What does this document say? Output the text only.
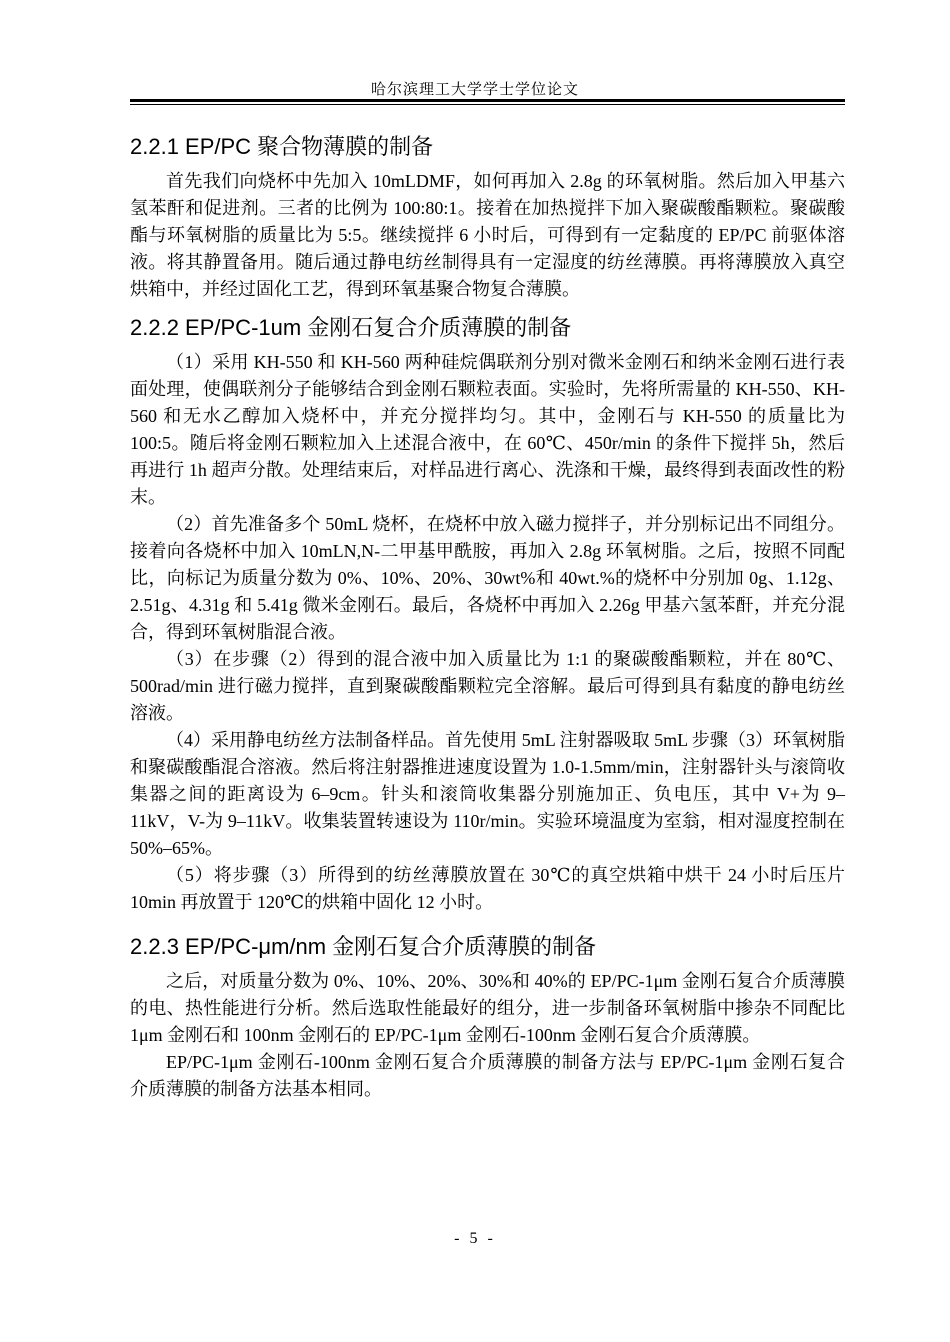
哈尔滨理工大学学士学位论文
2.2.1 EP/PC 聚合物薄膜的制备

首先我们向烧杯中先加入 10mLDMF，如何再加入 2.8g 的环氧树脂。然后加入甲基六氢苯酐和促进剂。三者的比例为 100:80:1。接着在加热搅拌下加入聚碳酸酯颗粒。聚碳酸酯与环氧树脂的质量比为 5:5。继续搅拌 6 小时后，可得到有一定黏度的 EP/PC 前驱体溶液。将其静置备用。随后通过静电纺丝制得具有一定湿度的纺丝薄膜。再将薄膜放入真空烘箱中，并经过固化工艺，得到环氧基聚合物复合薄膜。

2.2.2 EP/PC-1um 金刚石复合介质薄膜的制备

（1）采用 KH-550 和 KH-560 两种硅烷偶联剂分别对微米金刚石和纳米金刚石进行表面处理，使偶联剂分子能够结合到金刚石颗粒表面。实验时，先将所需量的 KH-550、KH-560 和无水乙醇加入烧杯中，并充分搅拌均匀。其中，金刚石与 KH-550 的质量比为 100:5。随后将金刚石颗粒加入上述混合液中，在 60℃、450r/min 的条件下搅拌 5h，然后再进行 1h 超声分散。处理结束后，对样品进行离心、洗涤和干燥，最终得到表面改性的粉末。

（2）首先准备多个 50mL 烧杯，在烧杯中放入磁力搅拌子，并分别标记出不同组分。接着向各烧杯中加入 10mLN,N-二甲基甲酰胺，再加入 2.8g 环氧树脂。之后，按照不同配比，向标记为质量分数为 0%、10%、20%、30wt%和 40wt.%的烧杯中分别加 0g、1.12g、2.51g、4.31g 和 5.41g 微米金刚石。最后，各烧杯中再加入 2.26g 甲基六氢苯酐，并充分混合，得到环氧树脂混合液。

（3）在步骤（2）得到的混合液中加入质量比为 1:1 的聚碳酸酯颗粒，并在 80℃、500rad/min 进行磁力搅拌，直到聚碳酸酯颗粒完全溶解。最后可得到具有黏度的静电纺丝溶液。

（4）采用静电纺丝方法制备样品。首先使用 5mL 注射器吸取 5mL 步骤（3）环氧树脂和聚碳酸酯混合溶液。然后将注射器推进速度设置为 1.0-1.5mm/min，注射器针头与滚筒收集器之间的距离设为 6–9cm。针头和滚筒收集器分别施加正、负电压，其中 V+为 9–11kV，V-为 9–11kV。收集装置转速设为 110r/min。实验环境温度为室翁，相对湿度控制在 50%–65%。

（5）将步骤（3）所得到的纺丝薄膜放置在 30℃的真空烘箱中烘干 24 小时后压片 10min 再放置于 120℃的烘箱中固化 12 小时。

2.2.3 EP/PC-μm/nm 金刚石复合介质薄膜的制备

之后，对质量分数为 0%、10%、20%、30%和 40%的 EP/PC-1μm 金刚石复合介质薄膜的电、热性能进行分析。然后选取性能最好的组分，进一步制备环氧树脂中掺杂不同配比 1μm 金刚石和 100nm 金刚石的 EP/PC-1μm 金刚石-100nm 金刚石复合介质薄膜。

EP/PC-1μm 金刚石-100nm 金刚石复合介质薄膜的制备方法与 EP/PC-1μm 金刚石复合介质薄膜的制备方法基本相同。

- 5 -
